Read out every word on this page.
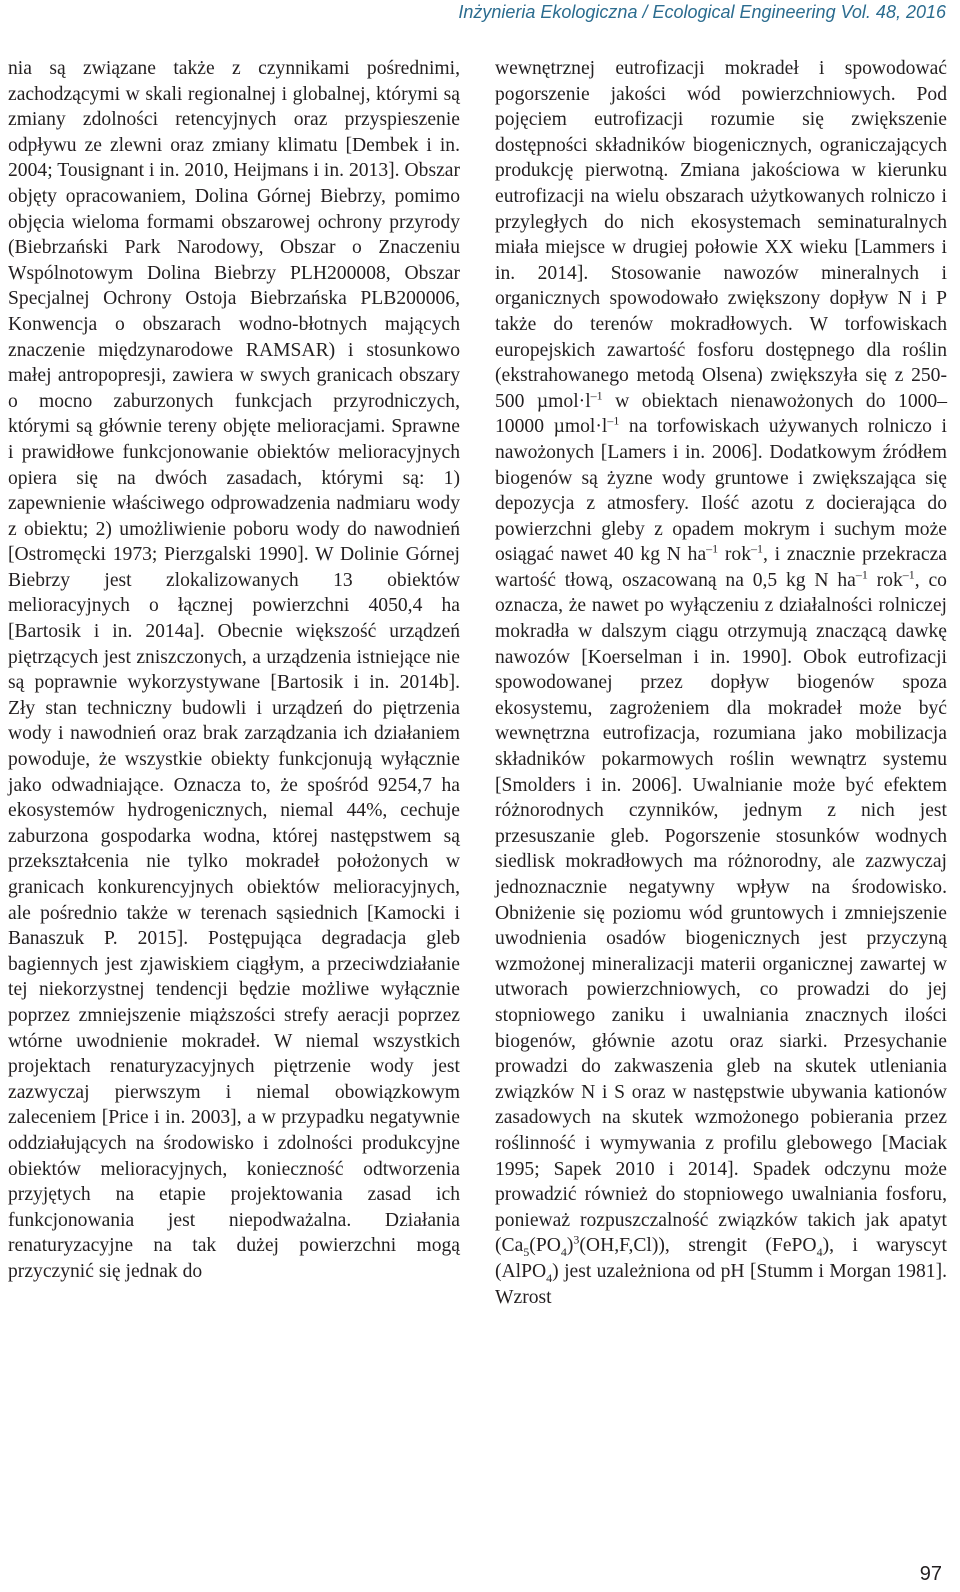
Inżynieria Ekologiczna / Ecological Engineering Vol. 48, 2016

nia są związane także z czynnikami pośrednimi, zachodzącymi w skali regionalnej i globalnej, którymi są zmiany zdolności retencyjnych oraz przyspieszenie odpływu ze zlewni oraz zmiany klimatu [Dembek i in. 2004; Tousignant i in. 2010, Heijmans i in. 2013]. Obszar objęty opracowaniem, Dolina Górnej Biebrzy, pomimo objęcia wieloma formami obszarowej ochrony przyrody (Biebrzański Park Narodowy, Obszar o Znaczeniu Wspólnotowym Dolina Biebrzy PLH200008, Obszar Specjalnej Ochrony Ostoja Biebrzańska PLB200006, Konwencja o obszarach wodno-błotnych mających znaczenie międzynarodowe RAMSAR) i stosunkowo małej antropopresji, zawiera w swych granicach obszary o mocno zaburzonych funkcjach przyrodniczych, którymi są głównie tereny objęte melioracjami. Sprawne i prawidłowe funkcjonowanie obiektów melioracyjnych opiera się na dwóch zasadach, którymi są: 1) zapewnienie właściwego odprowadzenia nadmiaru wody z obiektu; 2) umożliwienie poboru wody do nawodnień [Ostromęcki 1973; Pierzgalski 1990]. W Dolinie Górnej Biebrzy jest zlokalizowanych 13 obiektów melioracyjnych o łącznej powierzchni 4050,4 ha [Bartosik i in. 2014a]. Obecnie większość urządzeń piętrzących jest zniszczonych, a urządzenia istniejące nie są poprawnie wykorzystywane [Bartosik i in. 2014b]. Zły stan techniczny budowli i urządzeń do piętrzenia wody i nawodnień oraz brak zarządzania ich działaniem powoduje, że wszystkie obiekty funkcjonują wyłącznie jako odwadniające. Oznacza to, że spośród 9254,7 ha ekosystemów hydrogenicznych, niemal 44%, cechuje zaburzona gospodarka wodna, której następstwem są przekształcenia nie tylko mokradeł położonych w granicach konkurencyjnych obiektów melioracyjnych, ale pośrednio także w terenach sąsiednich [Kamocki i Banaszuk P. 2015]. Postępująca degradacja gleb bagiennych jest zjawiskiem ciągłym, a przeciwdziałanie tej niekorzystnej tendencji będzie możliwe wyłącznie poprzez zmniejszenie miąższości strefy aeracji poprzez wtórne uwodnienie mokradeł. W niemal wszystkich projektach renaturyzacyjnych piętrzenie wody jest zazwyczaj pierwszym i niemal obowiązkowym zaleceniem [Price i in. 2003], a w przypadku negatywnie oddziałujących na środowisko i zdolności produkcyjne obiektów melioracyjnych, konieczność odtworzenia przyjętych na etapie projektowania zasad ich funkcjonowania jest niepodważalna. Działania renaturyzacyjne na tak dużej powierzchni mogą przyczynić się jednak do

wewnętrznej eutrofizacji mokradeł i spowodować pogorszenie jakości wód powierzchniowych. Pod pojęciem eutrofizacji rozumie się zwiększenie dostępności składników biogenicznych, ograniczających produkcję pierwotną. Zmiana jakościowa w kierunku eutrofizacji na wielu obszarach użytkowanych rolniczo i przyległych do nich ekosystemach seminaturalnych miała miejsce w drugiej połowie XX wieku [Lammers i in. 2014]. Stosowanie nawozów mineralnych i organicznych spowodowało zwiększony dopływ N i P także do terenów mokradłowych. W torfowiskach europejskich zawartość fosforu dostępnego dla roślin (ekstrahowanego metodą Olsena) zwiększyła się z 250-500 $\mu mol\cdot l^{-1}$ w obiektach nienawożonych do 1000–10000 $\mu mol\cdot l^{-1}$ na torfowiskach używanych rolniczo i nawożonych [Lamers i in. 2006]. Dodatkowym źródłem biogenów są żyzne wody gruntowe i zwiększająca się depozycja z atmosfery. Ilość azotu z docierająca do powierzchni gleby z opadem mokrym i suchym może osiągać nawet 40 kg N $ha^{-1}$ rok$^{-1}$, i znacznie przekracza wartość tłową, oszacowaną na 0,5 kg N $ha^{-1}$ rok$^{-1}$, co oznacza, że nawet po wyłączeniu z działalności rolniczej mokradła w dalszym ciągu otrzymują znaczącą dawkę nawozów [Koerselman i in. 1990]. Obok eutrofizacji spowodowanej przez dopływ biogenów spoza ekosystemu, zagrożeniem dla mokradeł może być wewnętrzna eutrofizacja, rozumiana jako mobilizacja składników pokarmowych roślin wewnątrz systemu [Smolders i in. 2006]. Uwalnianie może być efektem różnorodnych czynników, jednym z nich jest przesuszanie gleb. Pogorszenie stosunków wodnych siedlisk mokradłowych ma różnorodny, ale zazwyczaj jednoznacznie negatywny wpływ na środowisko. Obniżenie się poziomu wód gruntowych i zmniejszenie uwodnienia osadów biogenicznych jest przyczyną wzmożonej mineralizacji materii organicznej zawartej w utworach powierzchniowych, co prowadzi do jej stopniowego zaniku i uwalniania znacznych ilości biogenów, głównie azotu oraz siarki. Przesychanie prowadzi do zakwaszenia gleb na skutek utleniania związków N i S oraz w następstwie ubywania kationów zasadowych na skutek wzmożonego pobierania przez roślinność i wymywania z profilu glebowego [Maciak 1995; Sapek 2010 i 2014]. Spadek odczynu może prowadzić również do stopniowego uwalniania fosforu, ponieważ rozpuszczalność związków takich jak apatyt $(Ca_5(PO_4)^3(OH,F,Cl))$, strengit (FePO$_4$), i waryscyt (AlPO$_4$) jest uzależniona od pH [Stumm i Morgan 1981]. Wzrost

97
